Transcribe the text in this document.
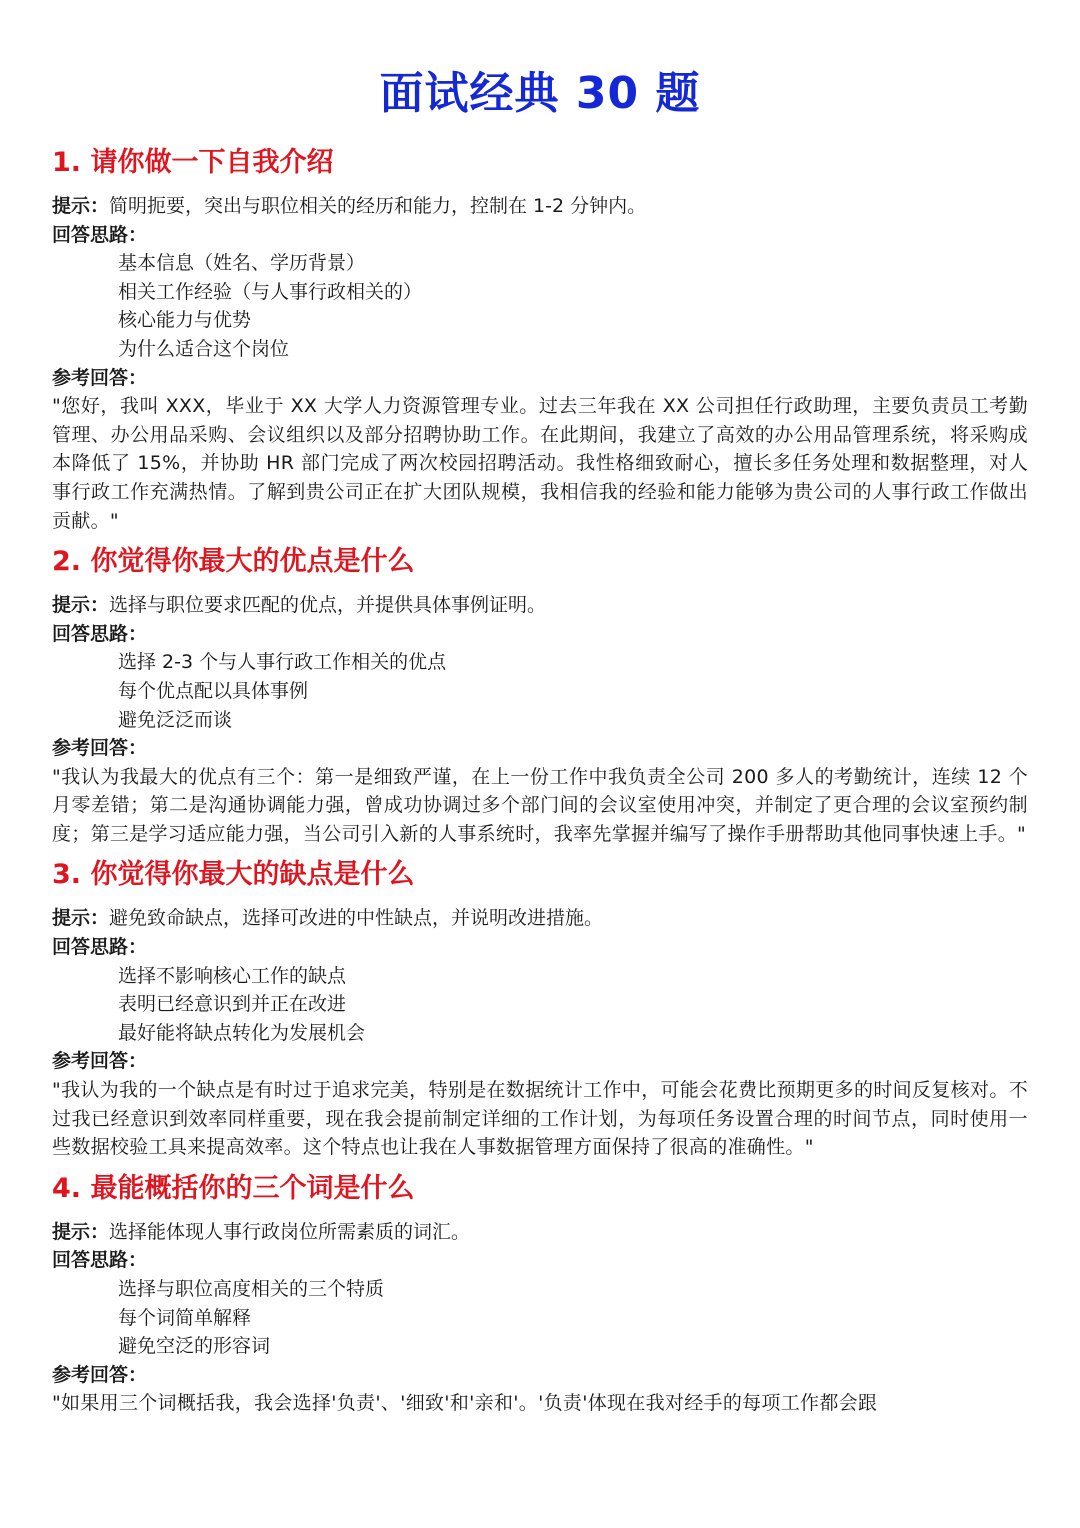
面试经典 30 题
1. 请你做一下自我介绍

提示：简明扼要，突出与职位相关的经历和能力，控制在 1-2 分钟内。

回答思路：

基本信息（姓名、学历背景）

相关工作经验（与人事行政相关的）

核心能力与优势

为什么适合这个岗位

参考回答：

"您好，我叫 XXX，毕业于 XX 大学人力资源管理专业。过去三年我在 XX 公司担任行政助理，主要负责员工考勤管理、办公用品采购、会议组织以及部分招聘协助工作。在此期间，我建立了高效的办公用品管理系统，将采购成本降低了 15%，并协助 HR 部门完成了两次校园招聘活动。我性格细致耐心，擅长多任务处理和数据整理，对人事行政工作充满热情。了解到贵公司正在扩大团队规模，我相信我的经验和能力能够为贵公司的人事行政工作做出贡献。"

2. 你觉得你最大的优点是什么

提示：选择与职位要求匹配的优点，并提供具体事例证明。

回答思路：

选择 2-3 个与人事行政工作相关的优点

每个优点配以具体事例

避免泛泛而谈

参考回答：

"我认为我最大的优点有三个：第一是细致严谨，在上一份工作中我负责全公司 200 多人的考勤统计，连续 12 个月零差错；第二是沟通协调能力强，曾成功协调过多个部门间的会议室使用冲突，并制定了更合理的会议室预约制度；第三是学习适应能力强，当公司引入新的人事系统时，我率先掌握并编写了操作手册帮助其他同事快速上手。"

3. 你觉得你最大的缺点是什么

提示：避免致命缺点，选择可改进的中性缺点，并说明改进措施。

回答思路：

选择不影响核心工作的缺点

表明已经意识到并正在改进

最好能将缺点转化为发展机会

参考回答：

"我认为我的一个缺点是有时过于追求完美，特别是在数据统计工作中，可能会花费比预期更多的时间反复核对。不过我已经意识到效率同样重要，现在我会提前制定详细的工作计划，为每项任务设置合理的时间节点，同时使用一些数据校验工具来提高效率。这个特点也让我在人事数据管理方面保持了很高的准确性。"

4. 最能概括你的三个词是什么

提示：选择能体现人事行政岗位所需素质的词汇。

回答思路：

选择与职位高度相关的三个特质

每个词简单解释

避免空泛的形容词

参考回答：

"如果用三个词概括我，我会选择'负责'、'细致'和'亲和'。'负责'体现在我对经手的每项工作都会跟
